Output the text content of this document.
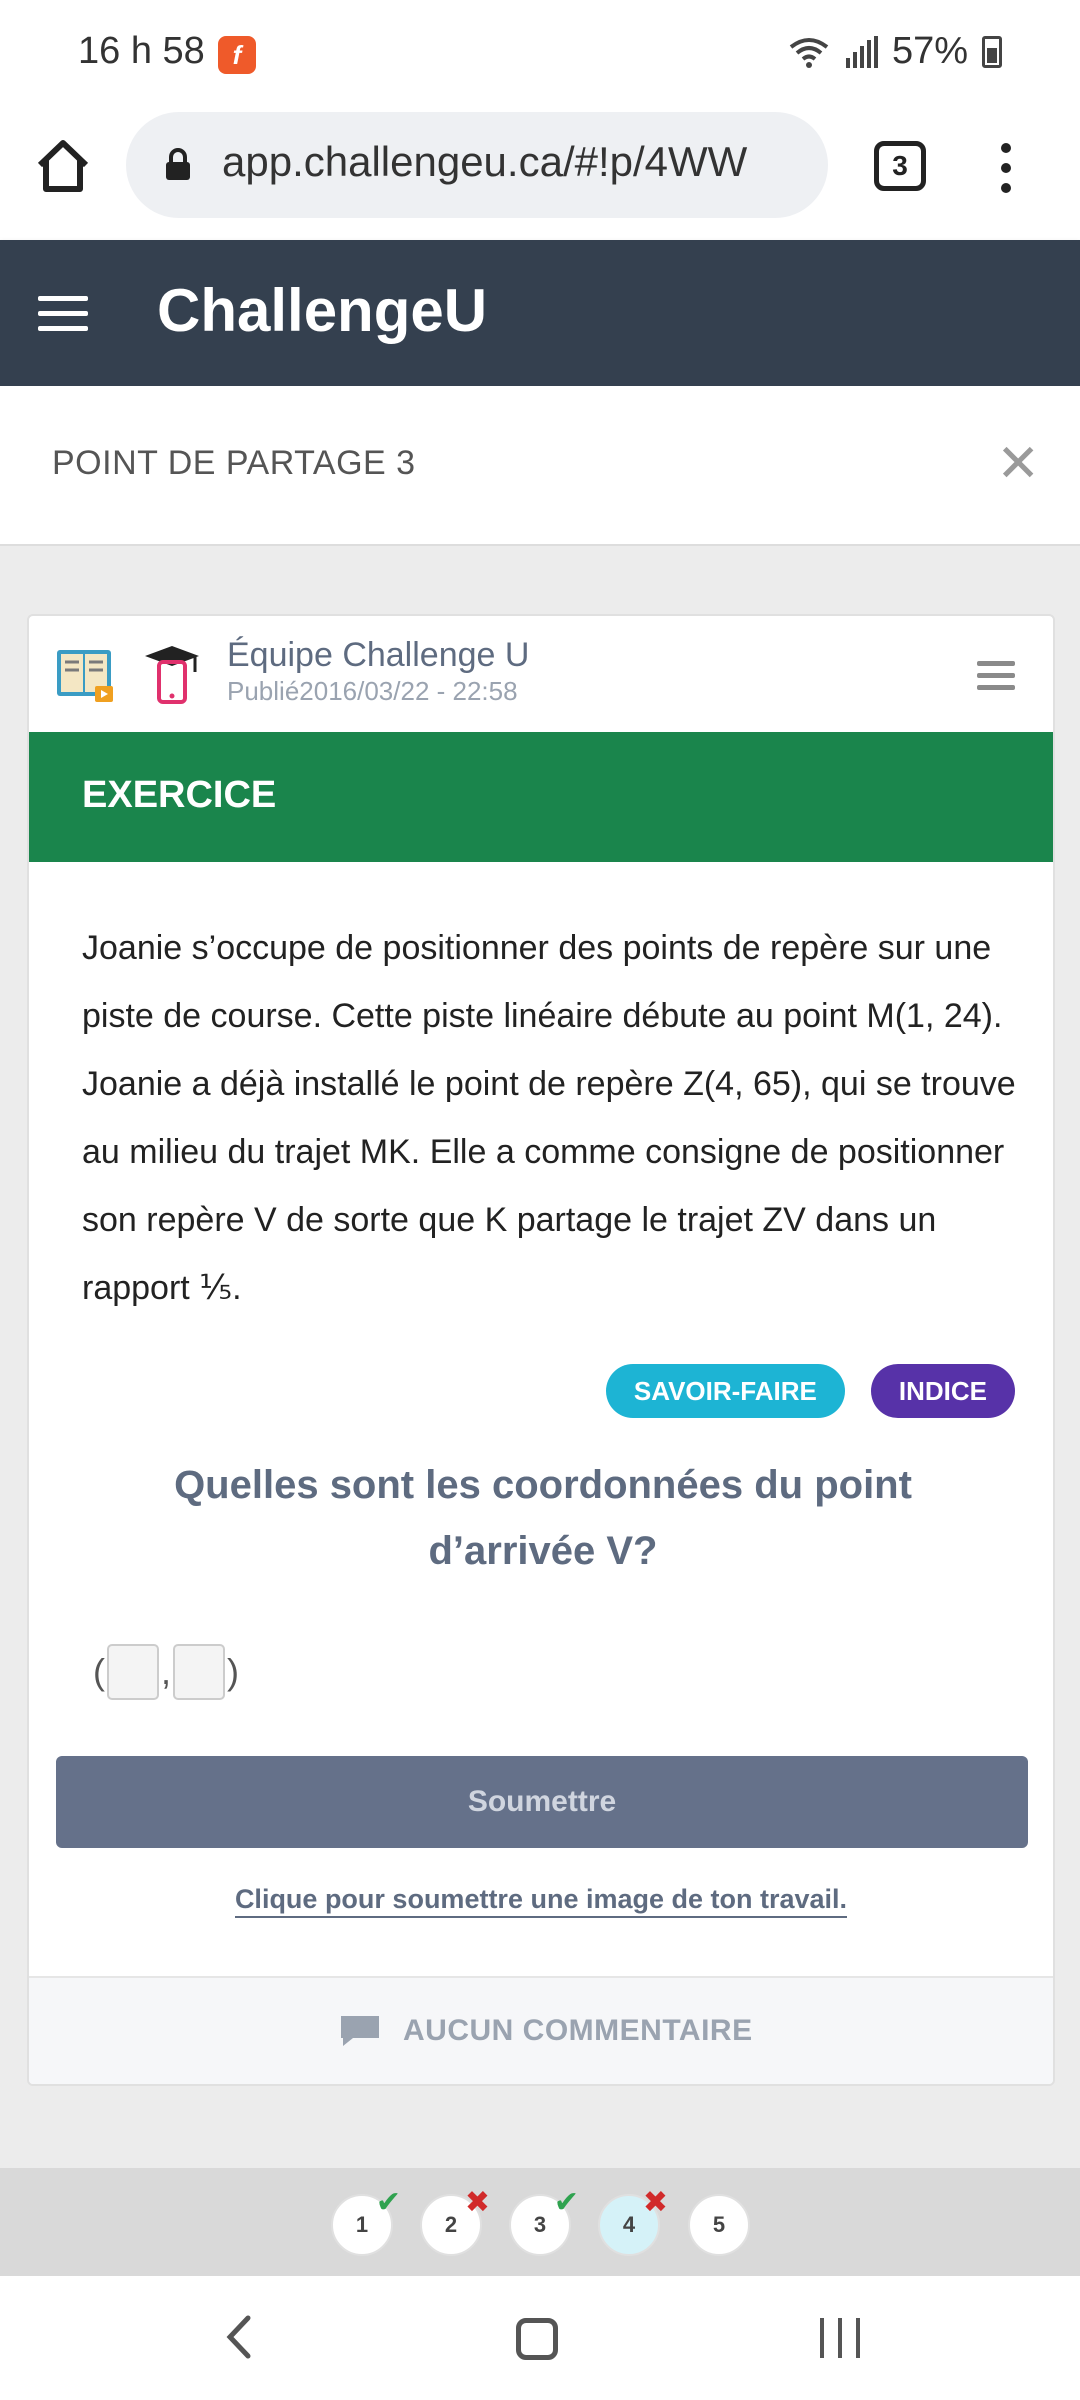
16 h 58	f	57%
app.challengeu.ca/#!p/4WW	3
ChallengeU
POINT DE PARTAGE 3	✕
Équipe Challenge U
Publié2016/03/22 - 22:58
EXERCICE
Joanie s’occupe de positionner des points de repère sur une piste de course. Cette piste linéaire débute au point M(1, 24). Joanie a déjà installé le point de repère Z(4, 65), qui se trouve au milieu du trajet MK. Elle a comme consigne de positionner son repère V de sorte que K partage le trajet ZV dans un rapport ⅕.
SAVOIR-FAIRE	INDICE
Quelles sont les coordonnées du point d’arrivée V?
( , )
Soumettre
Clique pour soumettre une image de ton travail.
AUCUN COMMENTAIRE
1
✔
2
✖
3
✔
4
✖
5
